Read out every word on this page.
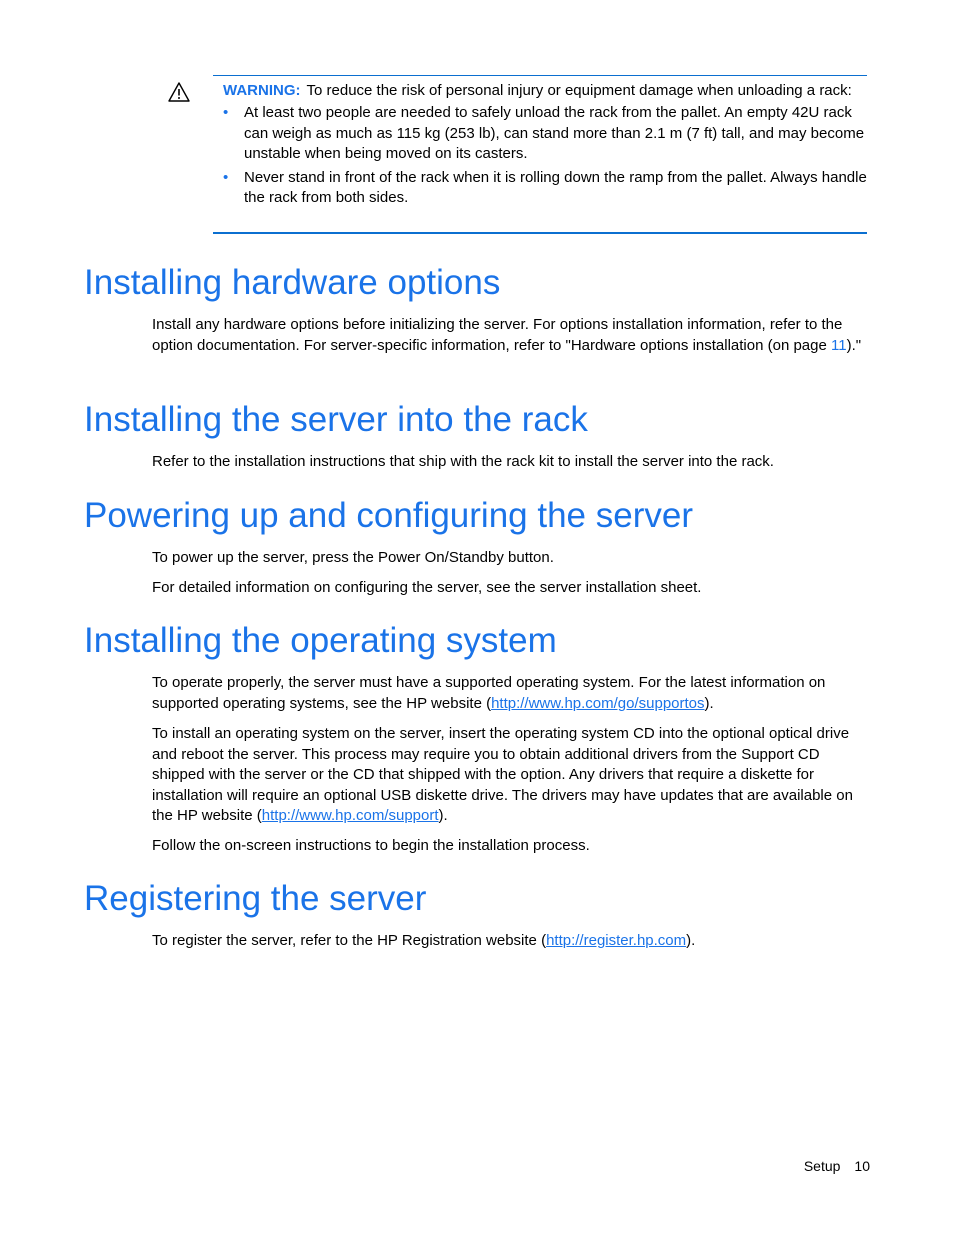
WARNING: To reduce the risk of personal injury or equipment damage when unloading a rack:

• At least two people are needed to safely unload the rack from the pallet. An empty 42U rack can weigh as much as 115 kg (253 lb), can stand more than 2.1 m (7 ft) tall, and may become unstable when being moved on its casters.
• Never stand in front of the rack when it is rolling down the ramp from the pallet. Always handle the rack from both sides.
Installing hardware options

Install any hardware options before initializing the server. For options installation information, refer to the option documentation. For server-specific information, refer to "Hardware options installation (on page 11)."

Installing the server into the rack

Refer to the installation instructions that ship with the rack kit to install the server into the rack.

Powering up and configuring the server

To power up the server, press the Power On/Standby button.

For detailed information on configuring the server, see the server installation sheet.

Installing the operating system

To operate properly, the server must have a supported operating system. For the latest information on supported operating systems, see the HP website (http://www.hp.com/go/supportos).

To install an operating system on the server, insert the operating system CD into the optional optical drive and reboot the server. This process may require you to obtain additional drivers from the Support CD shipped with the server or the CD that shipped with the option. Any drivers that require a diskette for installation will require an optional USB diskette drive. The drivers may have updates that are available on the HP website (http://www.hp.com/support).

Follow the on-screen instructions to begin the installation process.

Registering the server

To register the server, refer to the HP Registration website (http://register.hp.com).

Setup 10
